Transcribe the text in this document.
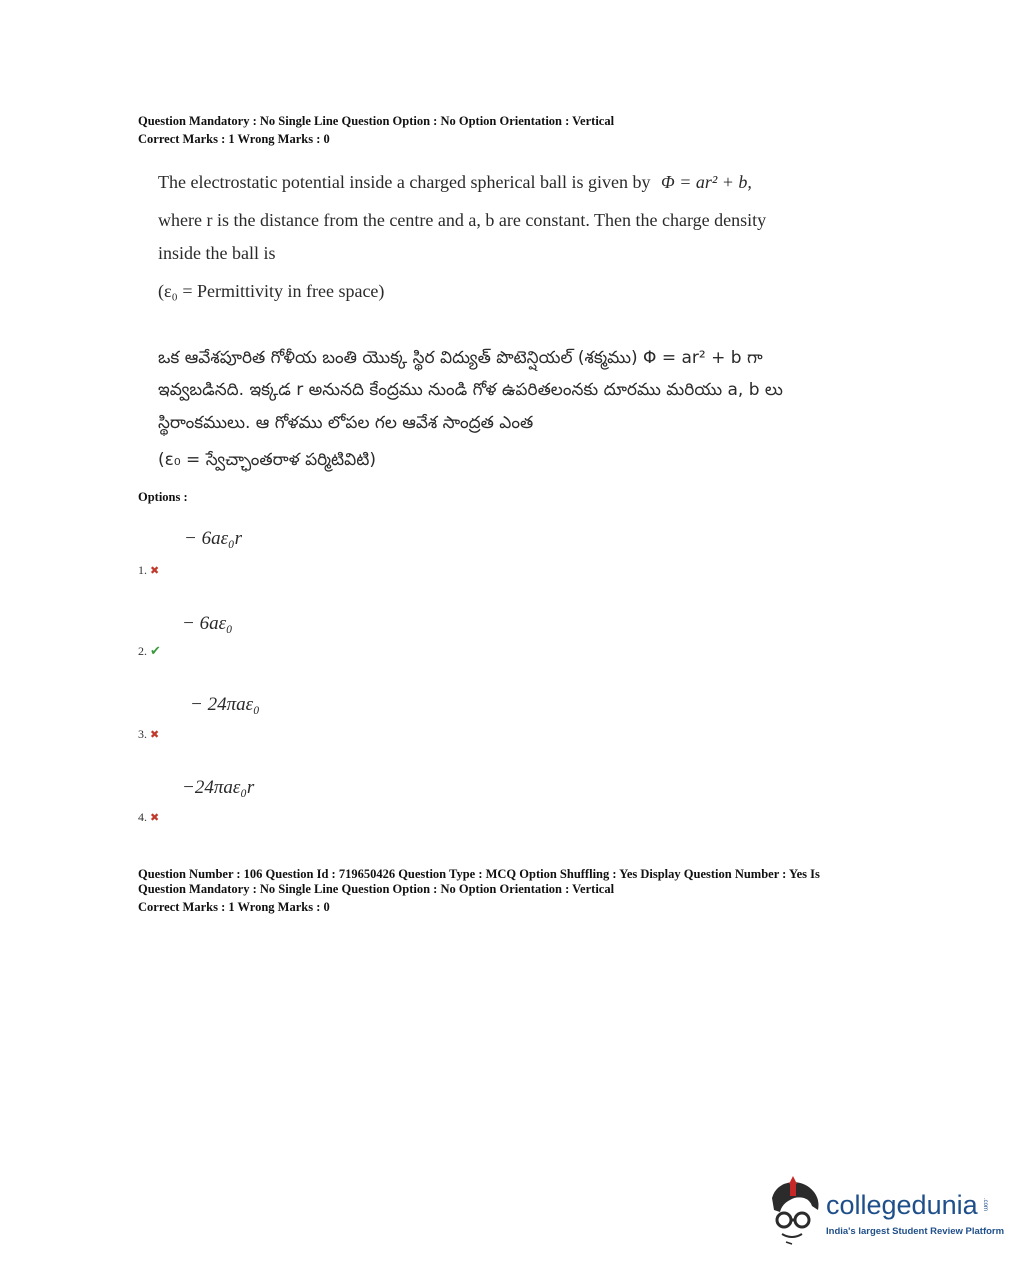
Question Mandatory : No Single Line Question Option : No Option Orientation : Vertical
Correct Marks : 1 Wrong Marks : 0
The electrostatic potential inside a charged spherical ball is given by Φ = ar² + b,
where r is the distance from the centre and a, b are constant. Then the charge density
inside the ball is
(ε₀ = Permittivity in free space)
ఒక ఆవేశపూరిత గోళీయ బంతి యొక్క స్థిర విద్యుత్ పొటెన్షియల్ (శక్మము) Φ = ar² + b గా
ఇవ్వబడినది. ఇక్కడ r అనునది కేంద్రము నుండి గోళ ఉపరితలంనకు దూరము మరియు a, b లు
స్థిరాంకములు. ఆ గోళము లోపల గల ఆవేశ సాంద్రత ఎంత
(ε₀ = స్వేచ్ఛాంతరాళ పర్మిటివిటి)
Options :
− 6aε₀r
1. ✖
− 6aε₀
2. ✔
− 24πaε₀
3. ✖
−24πaε₀r
4. ✖
Question Number : 106 Question Id : 719650426 Question Type : MCQ Option Shuffling : Yes Display Question Number : Yes Is
Question Mandatory : No Single Line Question Option : No Option Orientation : Vertical
Correct Marks : 1 Wrong Marks : 0
collegedunia .com
India's largest Student Review Platform
